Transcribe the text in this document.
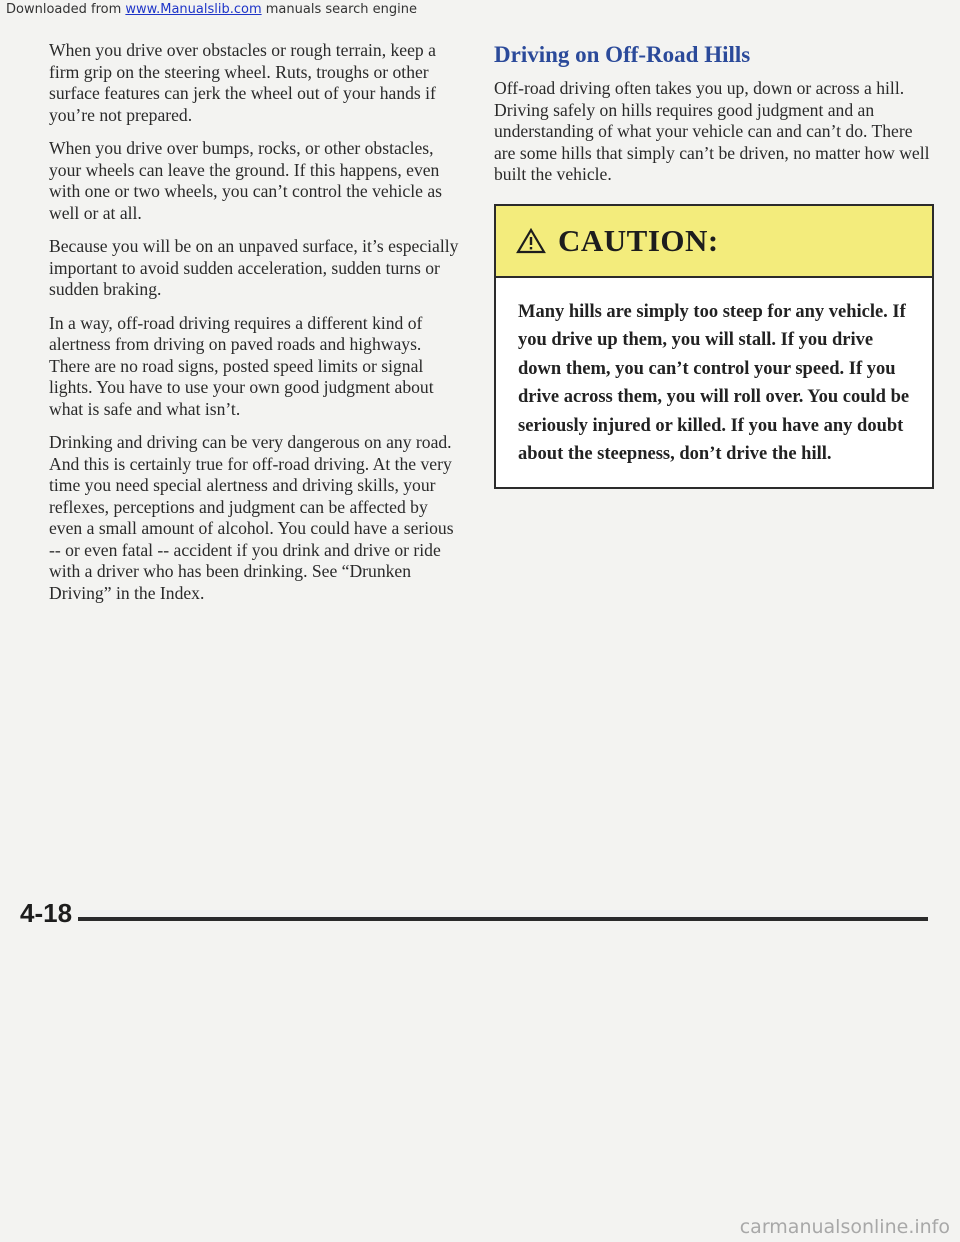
Downloaded from www.Manualslib.com manuals search engine

When you drive over obstacles or rough terrain, keep a firm grip on the steering wheel. Ruts, troughs or other surface features can jerk the wheel out of your hands if you’re not prepared.

When you drive over bumps, rocks, or other obstacles, your wheels can leave the ground. If this happens, even with one or two wheels, you can’t control the vehicle as well or at all.

Because you will be on an unpaved surface, it’s especially important to avoid sudden acceleration, sudden turns or sudden braking.

In a way, off-road driving requires a different kind of alertness from driving on paved roads and highways. There are no road signs, posted speed limits or signal lights. You have to use your own good judgment about what is safe and what isn’t.

Drinking and driving can be very dangerous on any road. And this is certainly true for off-road driving. At the very time you need special alertness and driving skills, your reflexes, perceptions and judgment can be affected by even a small amount of alcohol. You could have a serious -- or even fatal -- accident if you drink and drive or ride with a driver who has been drinking. See “Drunken Driving” in the Index.

Driving on Off-Road Hills

Off-road driving often takes you up, down or across a hill. Driving safely on hills requires good judgment and an understanding of what your vehicle can and can’t do. There are some hills that simply can’t be driven, no matter how well built the vehicle.

CAUTION:
Many hills are simply too steep for any vehicle. If you drive up them, you will stall. If you drive down them, you can’t control your speed. If you drive across them, you will roll over. You could be seriously injured or killed. If you have any doubt about the steepness, don’t drive the hill.
4-18
carmanualsonline.info
